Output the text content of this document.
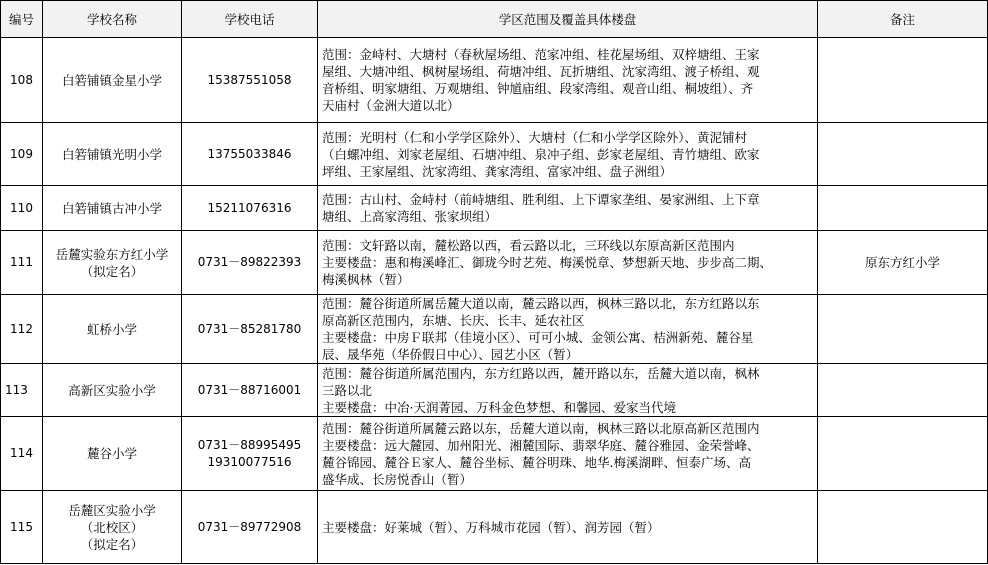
编号	学校名称	学校电话	学区范围及覆盖具体楼盘	备注
108	白箬铺镇金星小学	15387551058	范围：金峙村、大塘村（春秋屋场组、范家冲组、桂花屋场组、双梓塘组、王家
屋组、大塘冲组、枫树屋场组、荷塘冲组、瓦折塘组、沈家湾组、渡子桥组、观
音桥组、明家塘组、万观塘组、钟馗庙组、段家湾组、观音山组、桐坡组）、齐
天庙村（金洲大道以北）	

109	白箬铺镇光明小学	13755033846	范围：光明村（仁和小学学区除外）、大塘村（仁和小学学区除外）、黄泥铺村
（白螺冲组、刘家老屋组、石塘冲组、泉冲子组、彭家老屋组、青竹塘组、欧家
坪组、王家屋组、沈家湾组、龚家湾组、富家冲组、盘子洲组）	

110	白箬铺镇古冲小学	15211076316	范围：古山村、金峙村（前峙塘组、胜利组、上下谭家垄组、晏家洲组、上下章
塘组、上高家湾组、张家坝组）	

111	岳麓实验东方红小学
（拟定名）	0731－89822393	范围：文轩路以南，麓松路以西，看云路以北，三环线以东原高新区范围内
主要楼盘：惠和梅溪峰汇、御珑今时艺苑、梅溪悦章、梦想新天地、步步高二期、
梅溪枫林（暂）	原东方红小学
112	虹桥小学	0731－85281780	范围：麓谷街道所属岳麓大道以南，麓云路以西，枫林三路以北，东方红路以东
原高新区范围内，东塘、长庆、长丰、延农社区
主要楼盘：中房Ｆ联邦（佳境小区）、可可小城、金领公寓、桔洲新苑、麓谷星
辰、晟华苑（华侨假日中心）、园艺小区（暂）	

113	高新区实验小学	0731－88716001	范围：麓谷街道所属范围内，东方红路以西，麓开路以东，岳麓大道以南，枫林
三路以北
主要楼盘：中冶·天润菁园、万科金色梦想、和馨园、爱家当代境	

114	麓谷小学	0731－88995495
19310077516	范围：麓谷街道所属麓云路以东，岳麓大道以南，枫林三路以北原高新区范围内
主要楼盘：远大麓园、加州阳光、湘麓国际、翡翠华庭、麓谷雅园、金荣誉峰、
麓谷锦园、麓谷Ｅ家人、麓谷坐标、麓谷明珠、地华.梅溪湖畔、恒泰广场、高
盛华成、长房悦香山（暂）	

115	岳麓区实验小学
（北校区）
（拟定名）	0731－89772908	主要楼盘：好莱城（暂）、万科城市花园（暂）、润芳园（暂）	
